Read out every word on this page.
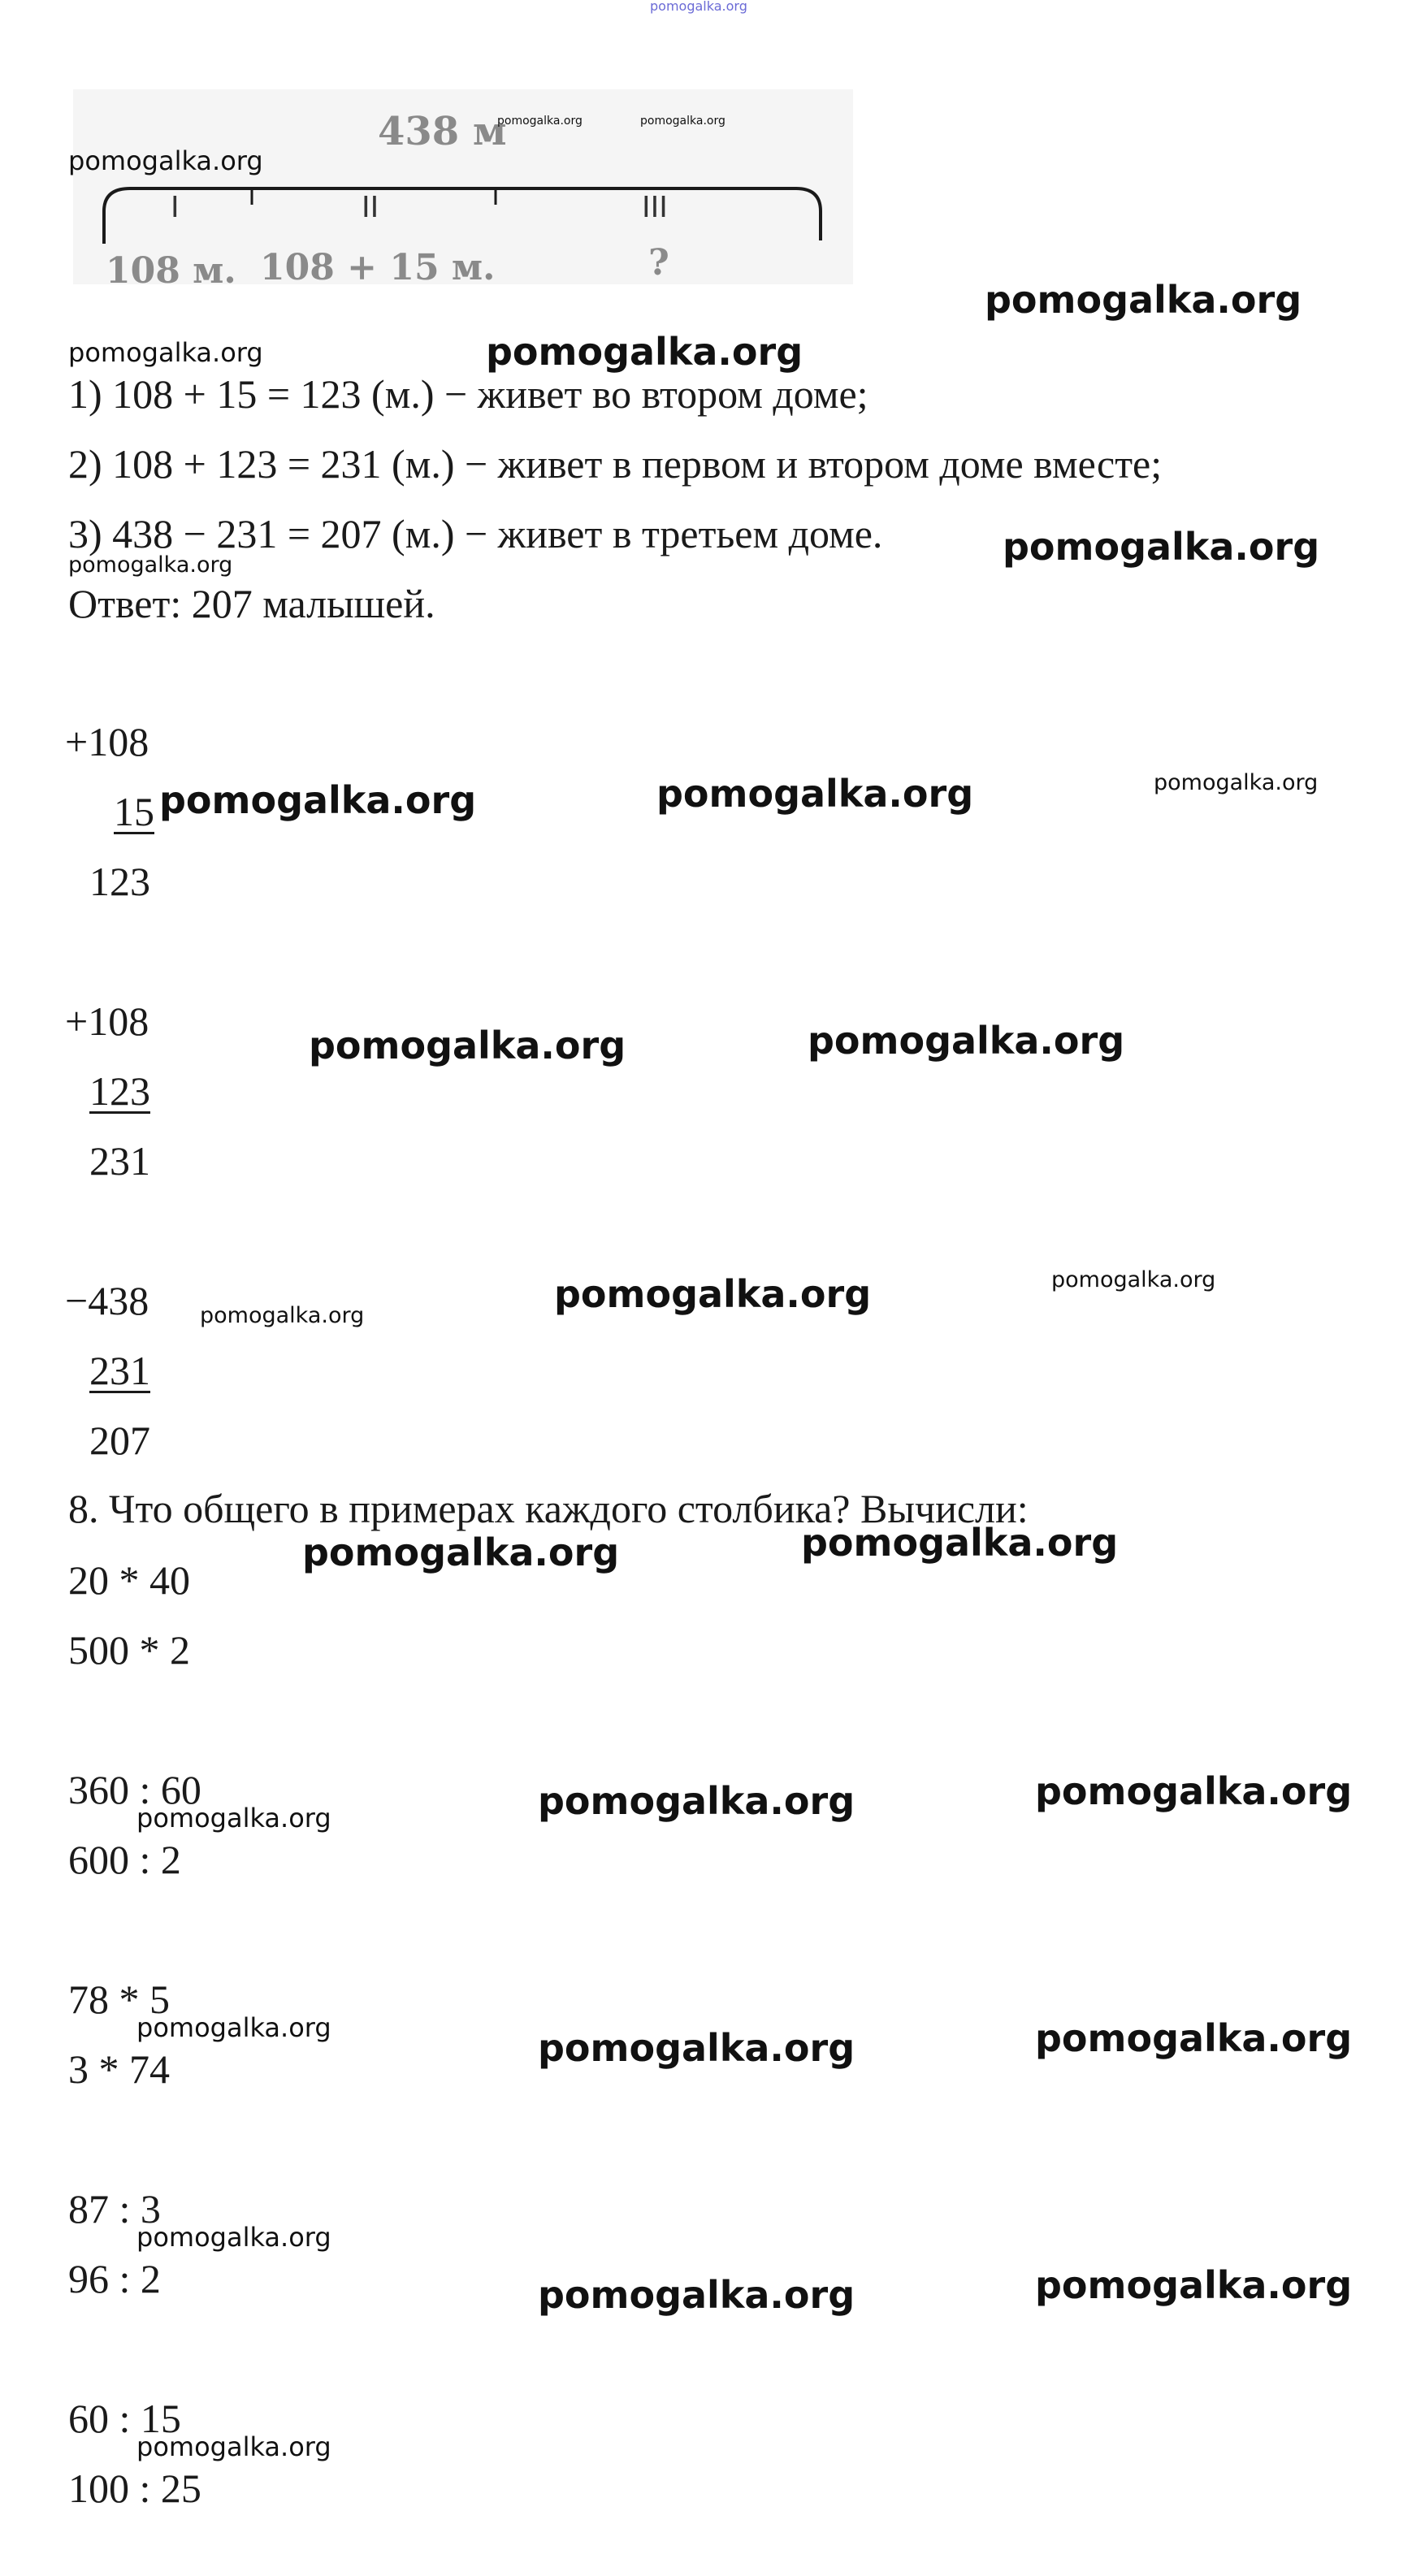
pomogalka.org
438 м
I	II	III
108 м. 108 + 15 м.	?
pomogalka.org	pomogalka.org
pomogalka.org
pomogalka.org
pomogalka.org	pomogalka.org
1) 108 + 15 = 123 (м.) − живет во втором доме;
2) 108 + 123 = 231 (м.) − живет в первом и втором доме вместе;
3) 438 − 231 = 207 (м.) − живет в третьем доме.	pomogalka.org
pomogalka.org
Ответ: 207 малышей.
+108
15
123
pomogalka.org	pomogalka.org	pomogalka.org
+108
123
231
pomogalka.org	pomogalka.org
−438
231
207
pomogalka.org	pomogalka.org	pomogalka.org
8. Что общего в примерах каждого столбика? Вычисли:
20 * 40
500 * 2
pomogalka.org	pomogalka.org
360 : 60
pomogalka.org
600 : 2
pomogalka.org	pomogalka.org
78 * 5
pomogalka.org
3 * 74	pomogalka.org	pomogalka.org
87 : 3
pomogalka.org
96 : 2	pomogalka.org	pomogalka.org
60 : 15
pomogalka.org
100 : 25
